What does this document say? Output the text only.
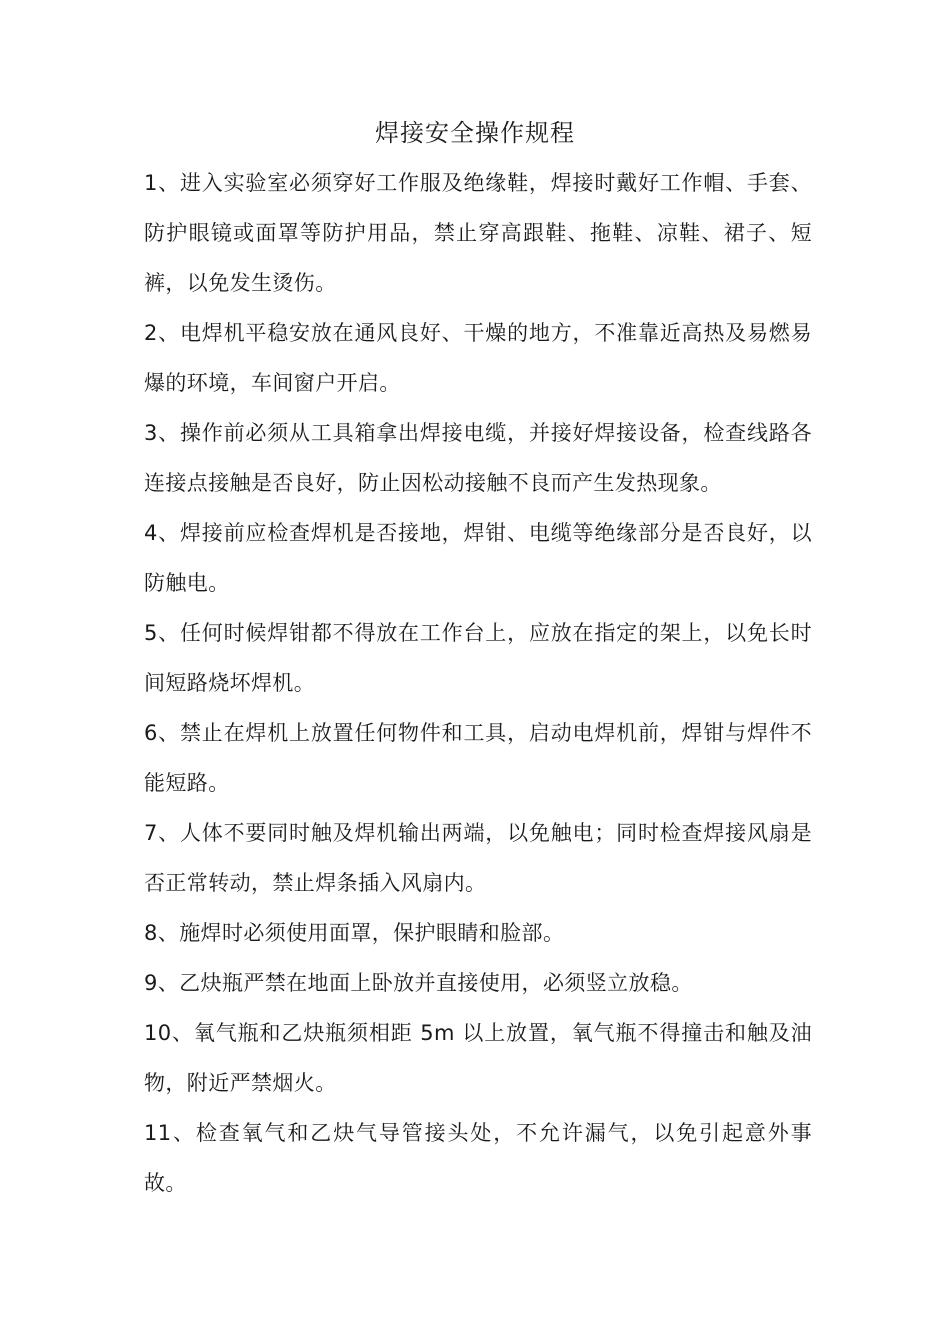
焊接安全操作规程
1、进入实验室必须穿好工作服及绝缘鞋，焊接时戴好工作帽、手套、防护眼镜或面罩等防护用品，禁止穿高跟鞋、拖鞋、凉鞋、裙子、短裤，以免发生烫伤。
2、电焊机平稳安放在通风良好、干燥的地方，不准靠近高热及易燃易爆的环境，车间窗户开启。
3、操作前必须从工具箱拿出焊接电缆，并接好焊接设备，检查线路各连接点接触是否良好，防止因松动接触不良而产生发热现象。
4、焊接前应检查焊机是否接地，焊钳、电缆等绝缘部分是否良好，以防触电。
5、任何时候焊钳都不得放在工作台上，应放在指定的架上，以免长时间短路烧坏焊机。
6、禁止在焊机上放置任何物件和工具，启动电焊机前，焊钳与焊件不能短路。
7、人体不要同时触及焊机输出两端，以免触电；同时检查焊接风扇是否正常转动，禁止焊条插入风扇内。
8、施焊时必须使用面罩，保护眼睛和脸部。
9、乙炔瓶严禁在地面上卧放并直接使用，必须竖立放稳。
10、氧气瓶和乙炔瓶须相距 5m 以上放置，氧气瓶不得撞击和触及油物，附近严禁烟火。
11、检查氧气和乙炔气导管接头处，不允许漏气，以免引起意外事故。
